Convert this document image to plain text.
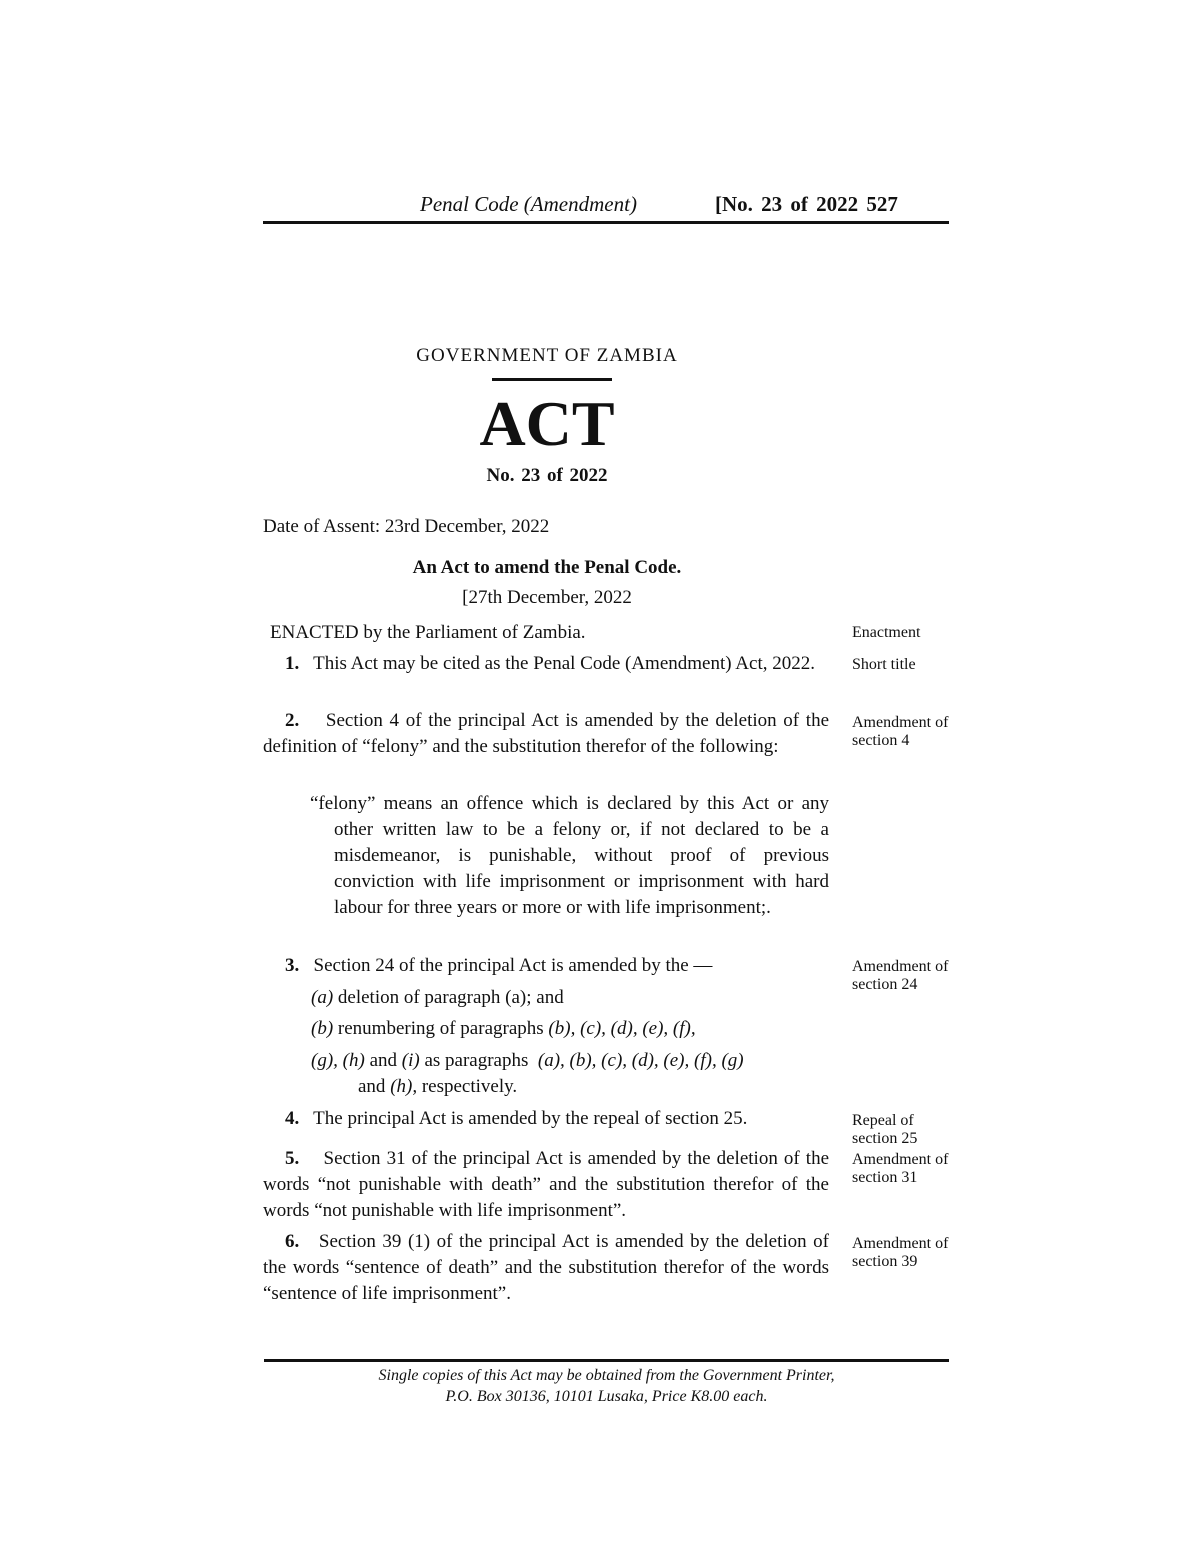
Penal Code (Amendment)	[No. 23 of 2022 527
GOVERNMENT OF ZAMBIA
ACT
No. 23 of 2022
Date of Assent: 23rd December, 2022
An Act to amend the Penal Code.
[27th December, 2022
ENACTED by the Parliament of Zambia.	Enactment
1. This Act may be cited as the Penal Code (Amendment) Act, 2022.	Short title
2. Section 4 of the principal Act is amended by the deletion of the definition of “felony” and the substitution therefor of the following:
Amendment of section 4
“felony” means an offence which is declared by this Act or any other written law to be a felony or, if not declared to be a misdemeanor, is punishable, without proof of previous conviction with life imprisonment or imprisonment with hard labour for three years or more or with life imprisonment;.
3. Section 24 of the principal Act is amended by the —	Amendment of section 24
(a) deletion of paragraph (a); and
(b) renumbering of paragraphs (b), (c), (d), (e), (f),
(g), (h) and (i) as paragraphs (a), (b), (c), (d), (e), (f), (g)
and (h), respectively.
4. The principal Act is amended by the repeal of section 25.	Repeal of section 25
5. Section 31 of the principal Act is amended by the deletion of the words “not punishable with death” and the substitution therefor of the words “not punishable with life imprisonment”.
Amendment of section 31
6. Section 39 (1) of the principal Act is amended by the deletion of the words “sentence of death” and the substitution therefor of the words “sentence of life imprisonment”.
Amendment of section 39
Single copies of this Act may be obtained from the Government Printer,
P.O. Box 30136, 10101 Lusaka, Price K8.00 each.
